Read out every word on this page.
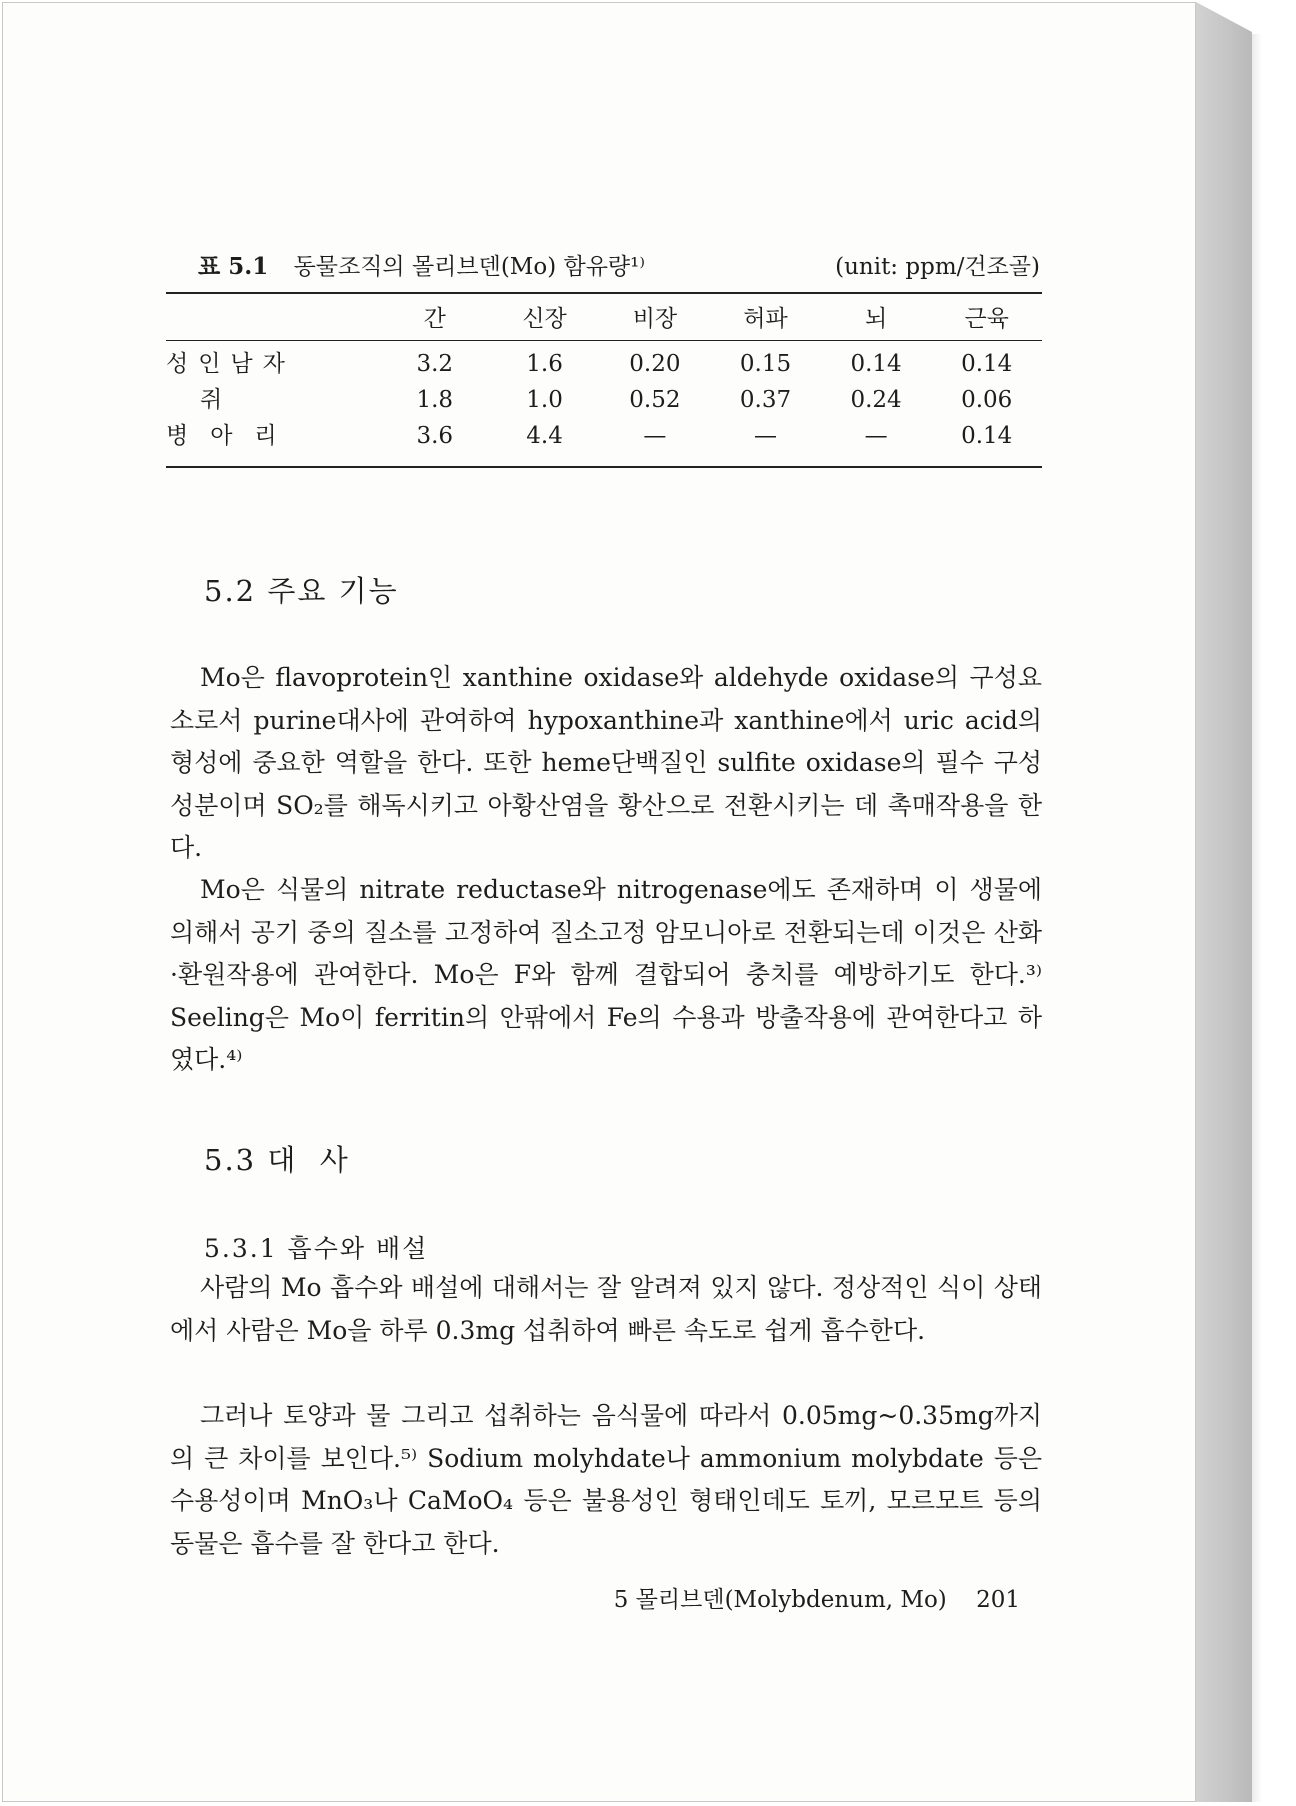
표 5.1 동물조직의 몰리브덴(Mo) 함유량¹⁾	(unit: ppm/건조골)
	간	신장	비장	허파	뇌	근육
성인남자	3.2	1.6	0.20	0.15	0.14	0.14
쥐	1.8	1.0	0.52	0.37	0.24	0.06
병아리	3.6	4.4	—	—	—	0.14
5.2 주요 기능

Mo은 flavoprotein인 xanthine oxidase와 aldehyde oxidase의 구성요소로서 purine대사에 관여하여 hypoxanthine과 xanthine에서 uric acid의 형성에 중요한 역할을 한다. 또한 heme단백질인 sulfite oxidase의 필수 구성성분이며 SO₂를 해독시키고 아황산염을 황산으로 전환시키는 데 촉매작용을 한다.

Mo은 식물의 nitrate reductase와 nitrogenase에도 존재하며 이 생물에 의해서 공기 중의 질소를 고정하여 질소고정 암모니아로 전환되는데 이것은 산화·환원작용에 관여한다. Mo은 F와 함께 결합되어 충치를 예방하기도 한다.³⁾ Seeling은 Mo이 ferritin의 안팎에서 Fe의 수용과 방출작용에 관여한다고 하였다.⁴⁾

5.3 대  사
5.3.1 흡수와 배설

사람의 Mo 흡수와 배설에 대해서는 잘 알려져 있지 않다. 정상적인 식이 상태에서 사람은 Mo을 하루 0.3mg 섭취하여 빠른 속도로 쉽게 흡수한다.

그러나 토양과 물 그리고 섭취하는 음식물에 따라서 0.05mg~0.35mg까지의 큰 차이를 보인다.⁵⁾ Sodium molyhdate나 ammonium molybdate 등은 수용성이며 MnO₃나 CaMoO₄ 등은 불용성인 형태인데도 토끼, 모르모트 등의 동물은 흡수를 잘 한다고 한다.

5 몰리브덴(Molybdenum, Mo) 201
